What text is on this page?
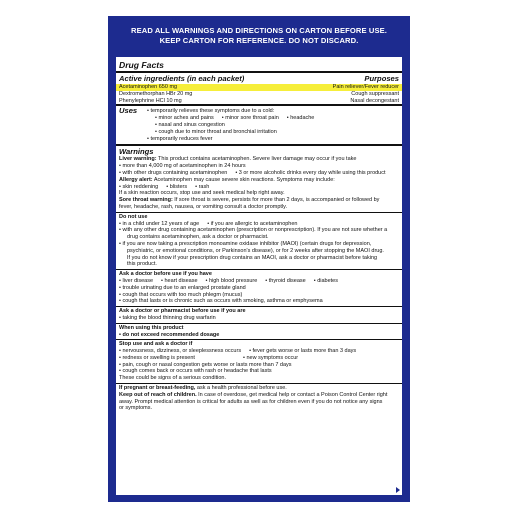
READ ALL WARNINGS AND DIRECTIONS ON CARTON BEFORE USE.
KEEP CARTON FOR REFERENCE. DO NOT DISCARD.
Drug Facts
Active ingredients (in each packet)	Purposes
Acetaminophen 650 mg	Pain reliever/Fever reducer
Dextromethorphan HBr 20 mg	Cough suppressant
Phenylephrine HCl 10 mg	Nasal decongestant
Uses	• temporarily relieves these symptoms due to a cold:
• minor aches and pains • minor sore throat pain • headache
• nasal and sinus congestion
• cough due to minor throat and bronchial irritation
• temporarily reduces fever
Warnings
Liver warning: This product contains acetaminophen. Severe liver damage may occur if you take
• more than 4,000 mg of acetaminophen in 24 hours
• with other drugs containing acetaminophen • 3 or more alcoholic drinks every day while using this product
Allergy alert: Acetaminophen may cause severe skin reactions. Symptoms may include:
• skin reddening • blisters • rash
If a skin reaction occurs, stop use and seek medical help right away.
Sore throat warning: If sore throat is severe, persists for more than 2 days, is accompanied or followed by
fever, headache, rash, nausea, or vomiting consult a doctor promptly.
Do not use
• in a child under 12 years of age • if you are allergic to acetaminophen
• with any other drug containing acetaminophen (prescription or nonprescription). If you are not sure whether a
drug contains acetaminophen, ask a doctor or pharmacist.
• if you are now taking a prescription monoamine oxidase inhibitor (MAOI) (certain drugs for depression,
psychiatric, or emotional conditions, or Parkinson's disease), or for 2 weeks after stopping the MAOI drug.
If you do not know if your prescription drug contains an MAOI, ask a doctor or pharmacist before taking
this product.
Ask a doctor before use if you have
• liver disease • heart disease • high blood pressure • thyroid disease • diabetes
• trouble urinating due to an enlarged prostate gland
• cough that occurs with too much phlegm (mucus)
• cough that lasts or is chronic such as occurs with smoking, asthma or emphysema
Ask a doctor or pharmacist before use if you are
• taking the blood thinning drug warfarin
When using this product
• do not exceed recommended dosage
Stop use and ask a doctor if
• nervousness, dizziness, or sleeplessness occurs • fever gets worse or lasts more than 3 days
• redness or swelling is present	• new symptoms occur
• pain, cough or nasal congestion gets worse or lasts more than 7 days
• cough comes back or occurs with rash or headache that lasts
These could be signs of a serious condition.
If pregnant or breast-feeding, ask a health professional before use.
Keep out of reach of children. In case of overdose, get medical help or contact a Poison Control Center right
away. Prompt medical attention is critical for adults as well as for children even if you do not notice any signs
or symptoms.
